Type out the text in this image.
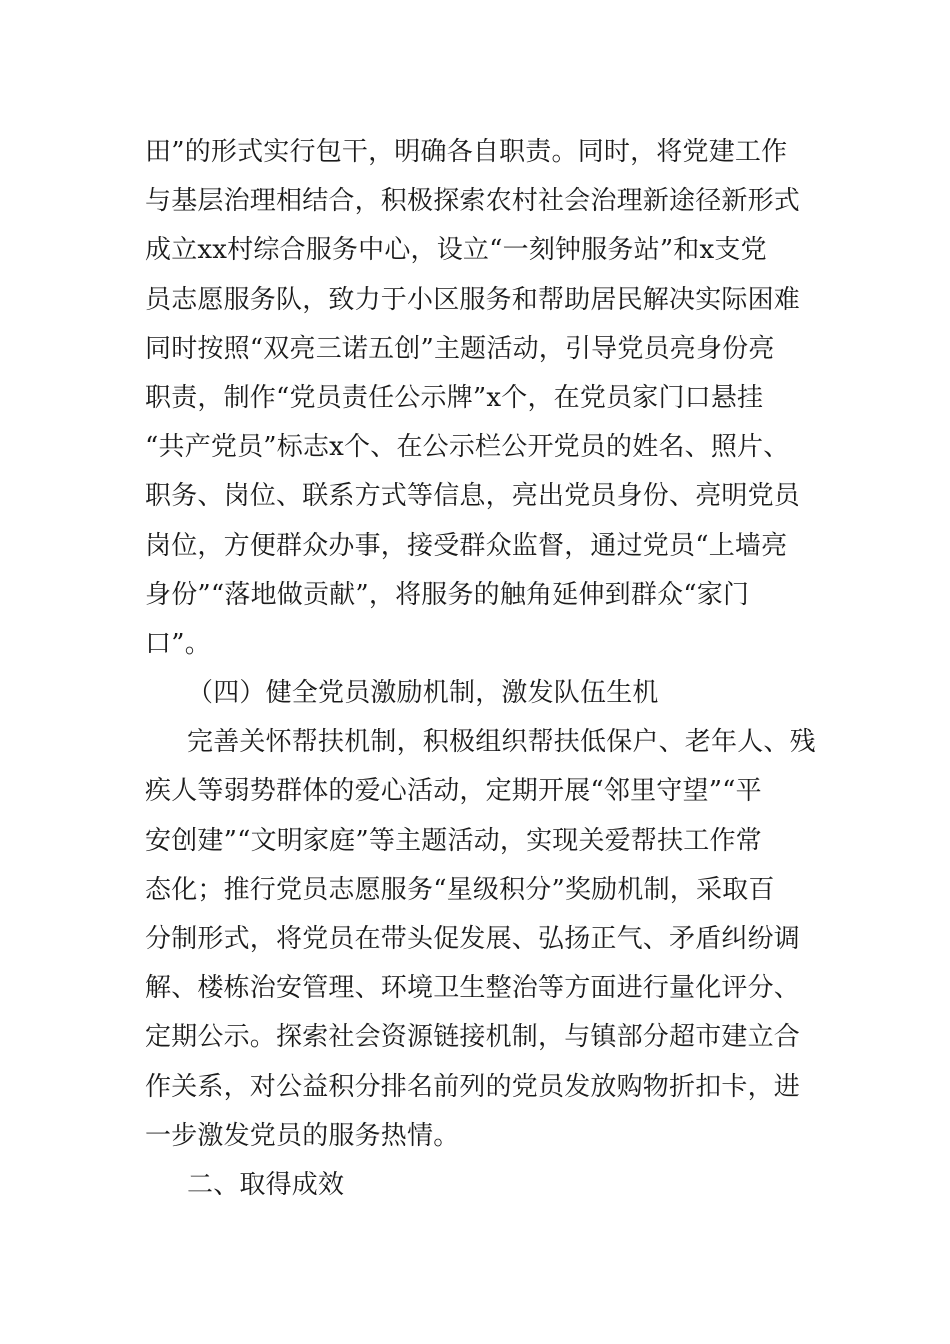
田”的形式实行包干，明确各自职责。同时，将党建工作
与基层治理相结合，积极探索农村社会治理新途径新形式
成立xx村综合服务中心，设立“一刻钟服务站”和x支党
员志愿服务队，致力于小区服务和帮助居民解决实际困难
同时按照“双亮三诺五创”主题活动，引导党员亮身份亮
职责，制作“党员责任公示牌”x个，在党员家门口悬挂
“共产党员”标志x个、在公示栏公开党员的姓名、照片、
职务、岗位、联系方式等信息，亮出党员身份、亮明党员
岗位，方便群众办事，接受群众监督，通过党员“上墙亮
身份”“落地做贡献”，将服务的触角延伸到群众“家门
口”。
（四）健全党员激励机制，激发队伍生机
完善关怀帮扶机制，积极组织帮扶低保户、老年人、残
疾人等弱势群体的爱心活动，定期开展“邻里守望”“平
安创建”“文明家庭”等主题活动，实现关爱帮扶工作常
态化；推行党员志愿服务“星级积分”奖励机制，采取百
分制形式，将党员在带头促发展、弘扬正气、矛盾纠纷调
解、楼栋治安管理、环境卫生整治等方面进行量化评分、
定期公示。探索社会资源链接机制，与镇部分超市建立合
作关系，对公益积分排名前列的党员发放购物折扣卡，进
一步激发党员的服务热情。
二、取得成效
